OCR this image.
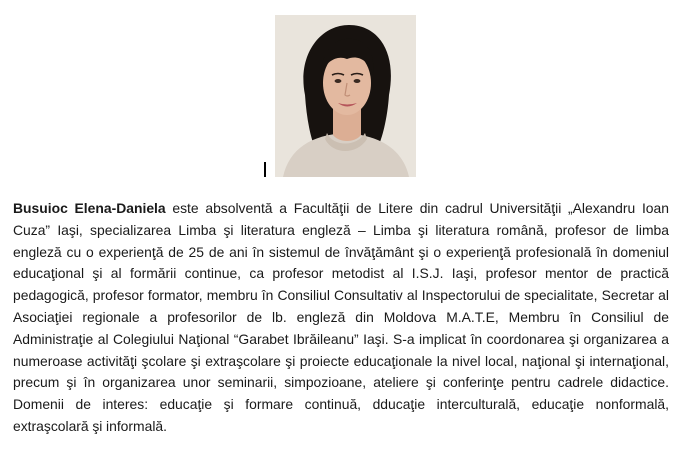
Busuioc Elena-Daniela este absolventă a Facultăţii de Litere din cadrul Universităţii „Alexandru Ioan Cuza” Iaşi, specializarea Limba şi literatura engleză – Limba şi literatura română, profesor de limba engleză cu o experienţă de 25 de ani în sistemul de învăţământ şi o experienţă profesională în domeniul educaţional şi al formării continue, ca profesor metodist al I.S.J. Iaşi, profesor mentor de practică pedagogică, profesor formator, membru în Consiliul Consultativ al Inspectorului de specialitate, Secretar al Asociaţiei regionale a profesorilor de lb. engleză din Moldova M.A.T.E, Membru în Consiliul de Administraţie al Colegiului Naţional “Garabet Ibrăileanu” Iaşi. S-a implicat în coordonarea şi organizarea a numeroase activităţi şcolare şi extraşcolare şi proiecte educaţionale la nivel local, naţional şi internaţional, precum şi în organizarea unor seminarii, simpozioane, ateliere şi conferinţe pentru cadrele didactice. Domenii de interes: educaţie şi formare continuă, dducaţie interculturală, educaţie nonformală, extraşcolară şi informală.
